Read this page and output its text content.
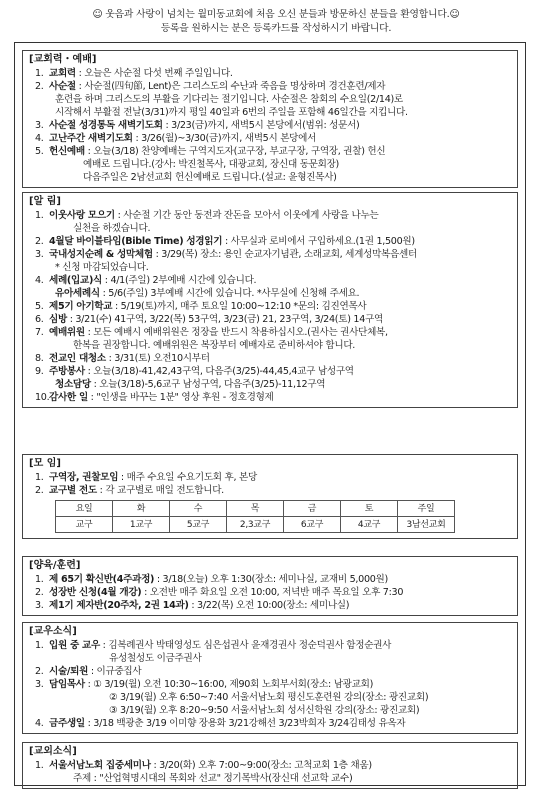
☺ 웃음과 사랑이 넘치는 월미동교회에 처음 오신 분들과 방문하신 분들을 환영합니다.☺
등록을 원하시는 분은 등록카드를 작성하시기 바랍니다.
[교회력・예배]
1. 교회력 : 오늘은 사순절 다섯 번째 주일입니다.
2. 사순절 : 사순절(四旬節, Lent)은 그리스도의 수난과 죽음을 명상하며 경건훈련/제자
훈련을 하며 그리스도의 부활을 기다리는 절기입니다. 사순절은 참회의 수요일(2/14)로
시작해서 부활절 전날(3/31)까지 평일 40일과 6번의 주일을 포함해 46일간을 지킵니다.
3. 사순절 성경통독 새벽기도회 : 3/23(금)까지, 새벽5시 본당에서(범위: 성문서)
4. 고난주간 새벽기도회 : 3/26(월)~3/30(금)까지, 새벽5시 본당에서
5. 헌신예배 : 오늘(3/18) 찬양예배는 구역지도자(교구장, 부교구장, 구역장, 권찰) 헌신
예배로 드립니다.(강사: 박진철목사, 대광교회, 장신대 동문회장)
다음주일은 2남선교회 헌신예배로 드립니다.(설교: 윤형진목사)
[알 림]
1. 이웃사랑 모으기 : 사순절 기간 동안 동전과 잔돈을 모아서 이웃에게 사랑을 나누는
실천을 하겠습니다.
2. 4월달 바이블타임(Bible Time) 성경읽기 : 사무실과 로비에서 구입하세요.(1권 1,500원)
3. 국내성지순례 & 성막체험 : 3/29(목) 장소: 용인 순교자기념관, 소래교회, 세계성막복음센터
* 신청 마감되었습니다.
4. 세례(입교)식 : 4/1(주일) 2부예배 시간에 있습니다.
유아세례식 : 5/6(주일) 3부예배 시간에 있습니다. *사무실에 신청해 주세요.
5. 제5기 아기학교 : 5/19(토)까지, 매주 토요일 10:00~12:10 *문의: 김진연목사
6. 심방 : 3/21(수) 41구역, 3/22(목) 53구역, 3/23(금) 21, 23구역, 3/24(토) 14구역
7. 예배위원 : 모든 예배시 예배위원은 정장을 반드시 착용하십시오.(권사는 권사단체복,
한복을 권장합니다. 예배위원은 복장부터 예배자로 준비하셔야 합니다.
8. 전교인 대청소 : 3/31(토) 오전10시부터
9. 주방봉사 : 오늘(3/18)-41,42,43구역, 다음주(3/25)-44,45,4교구 남성구역
청소담당 : 오늘(3/18)-5,6교구 남성구역, 다음주(3/25)-11,12구역
10. 감사한 일 : "인생을 바꾸는 1분" 영상 후원 - 정호경형제
[모 임]
1. 구역장, 권찰모임 : 매주 수요일 수요기도회 후, 본당
2. 교구별 전도 : 각 교구별로 매일 전도합니다.
요일	화	수	목	금	토	주일
교구	1교구	5교구	2,3교구	6교구	4교구	3남선교회
[양육/훈련]
1. 제 65기 확신반(4주과정) : 3/18(오늘) 오후 1:30(장소: 세미나실, 교재비 5,000원)
2. 성장반 신청(4월 개강) : 오전반 매주 화요일 오전 10:00, 저녁반 매주 목요일 오후 7:30
3. 제1기 제자반(20주차, 2권 14과) : 3/22(목) 오전 10:00(장소: 세미나실)
[교우소식]
1. 입원 중 교우 : 김복례권사 박태영성도 심은섭권사 윤재경권사 정순덕권사 함정순권사
유성철성도 이금주권사
2. 시술/퇴원 : 이규중집사
3. 담임목사 : ① 3/19(월) 오전 10:30~16:00, 제90회 노회부서회(장소: 남광교회)
② 3/19(월) 오후 6:50~7:40 서울서남노회 평신도훈련원 강의(장소: 광진교회)
③ 3/19(월) 오후 8:20~9:50 서울서남노회 성서신학원 강의(장소: 광진교회)
4. 금주생일 : 3/18 백광춘 3/19 이미향 장용화 3/21강해선 3/23박희자 3/24김태성 유옥자
[교외소식]
1. 서울서남노회 집중세미나 : 3/20(화) 오후 7:00~9:00(장소: 고척교회 1층 채움)
주제 : "산업혁명시대의 목회와 선교" 정기목박사(장신대 선교학 교수)
